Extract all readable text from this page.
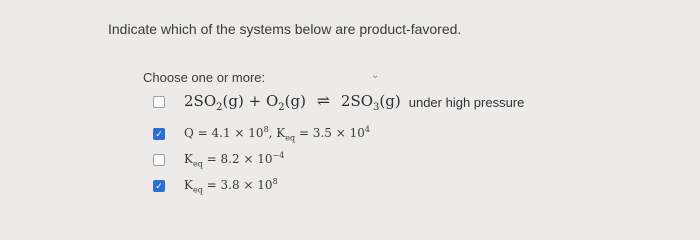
Indicate which of the systems below are product-favored.
Choose one or more:	⌄
$2SO_2(g) + O_2(g)$ ⇌ $2SO_3(g)$ under high pressure
✓ $Q = 4.1 \times 10^8$, $K_{eq} = 3.5 \times 10^4$
$K_{eq} = 8.2 \times 10^{-4}$
✓ $K_{eq} = 3.8 \times 10^8$
